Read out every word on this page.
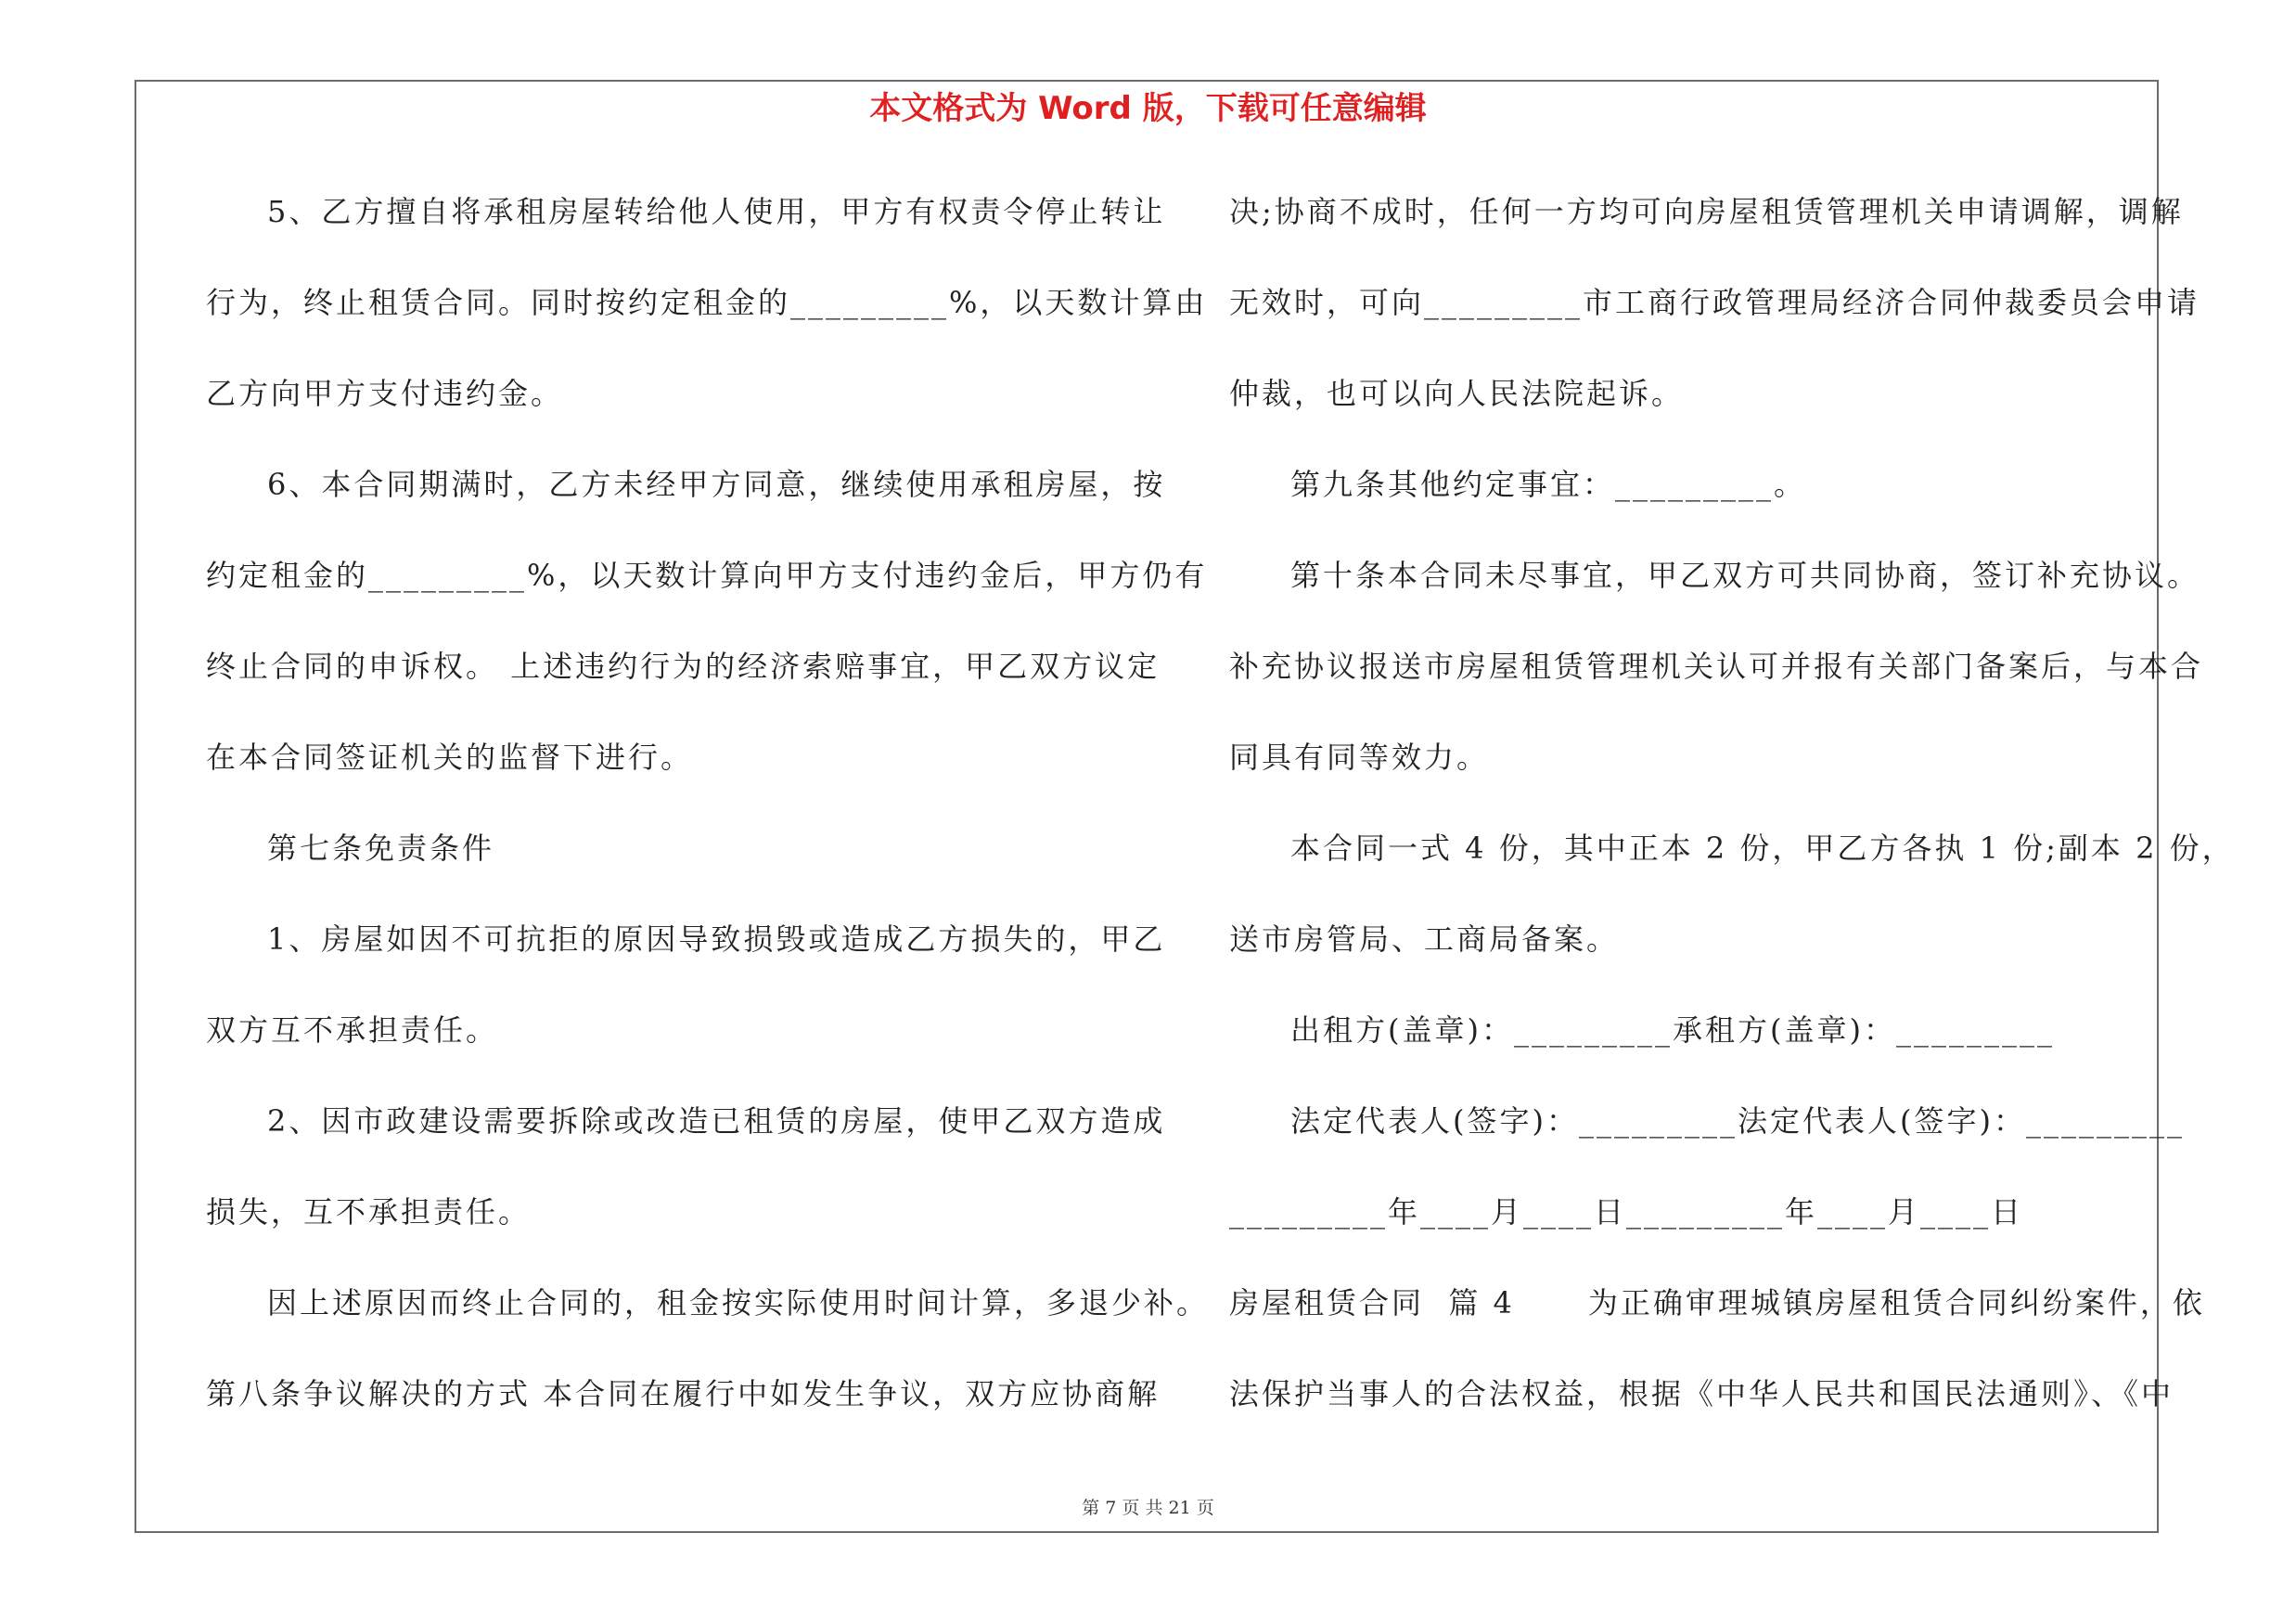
本文格式为 Word 版，下载可任意编辑
5、乙方擅自将承租房屋转给他人使用，甲方有权责令停止转让
行为，终止租赁合同。同时按约定租金的_________%，以天数计算由
乙方向甲方支付违约金。
6、本合同期满时，乙方未经甲方同意，继续使用承租房屋，按
约定租金的_________%，以天数计算向甲方支付违约金后，甲方仍有
终止合同的申诉权。 上述违约行为的经济索赔事宜，甲乙双方议定
在本合同签证机关的监督下进行。
第七条免责条件
1、房屋如因不可抗拒的原因导致损毁或造成乙方损失的，甲乙
双方互不承担责任。
2、因市政建设需要拆除或改造已租赁的房屋，使甲乙双方造成
损失，互不承担责任。
因上述原因而终止合同的，租金按实际使用时间计算，多退少补。
第八条争议解决的方式 本合同在履行中如发生争议，双方应协商解
决;协商不成时，任何一方均可向房屋租赁管理机关申请调解，调解
无效时，可向_________市工商行政管理局经济合同仲裁委员会申请
仲裁，也可以向人民法院起诉。
第九条其他约定事宜：_________。
第十条本合同未尽事宜，甲乙双方可共同协商，签订补充协议。
补充协议报送市房屋租赁管理机关认可并报有关部门备案后，与本合
同具有同等效力。
本合同一式 4 份，其中正本 2 份，甲乙方各执 1 份;副本 2 份，
送市房管局、工商局备案。
出租方(盖章)：_________承租方(盖章)：_________
法定代表人(签字)：_________法定代表人(签字)：_________
_________年____月____日_________年____月____日
房屋租赁合同  篇 4      为正确审理城镇房屋租赁合同纠纷案件，依
法保护当事人的合法权益，根据《中华人民共和国民法通则》、《中
第 7 页 共 21 页
